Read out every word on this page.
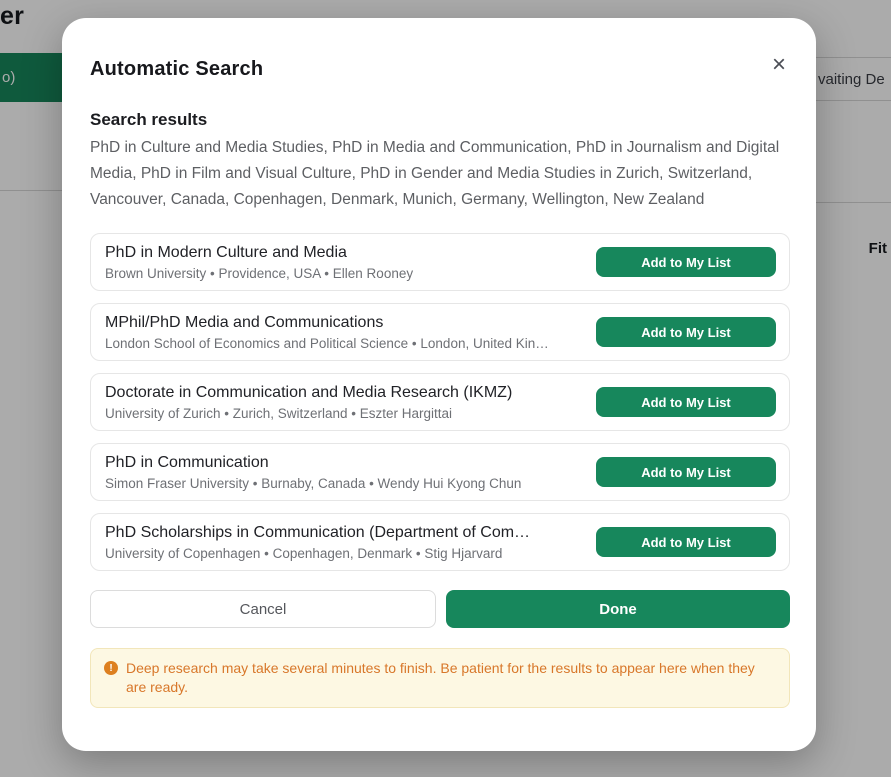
er
o)	vaiting De
Fit
Automatic Search	×
Search results
PhD in Culture and Media Studies, PhD in Media and Communication, PhD in Journalism and Digital Media, PhD in Film and Visual Culture, PhD in Gender and Media Studies in Zurich, Switzerland, Vancouver, Canada, Copenhagen, Denmark, Munich, Germany, Wellington, New Zealand
PhD in Modern Culture and Media
Brown University • Providence, USA • Ellen Rooney
Add to My List
MPhil/PhD Media and Communications
London School of Economics and Political Science • London, United Kin…
Add to My List
Doctorate in Communication and Media Research (IKMZ)
University of Zurich • Zurich, Switzerland • Eszter Hargittai
Add to My List
PhD in Communication
Simon Fraser University • Burnaby, Canada • Wendy Hui Kyong Chun
Add to My List
PhD Scholarships in Communication (Department of Com…
University of Copenhagen • Copenhagen, Denmark • Stig Hjarvard
Add to My List
Cancel	Done
! Deep research may take several minutes to finish. Be patient for the results to appear here when they are ready.
